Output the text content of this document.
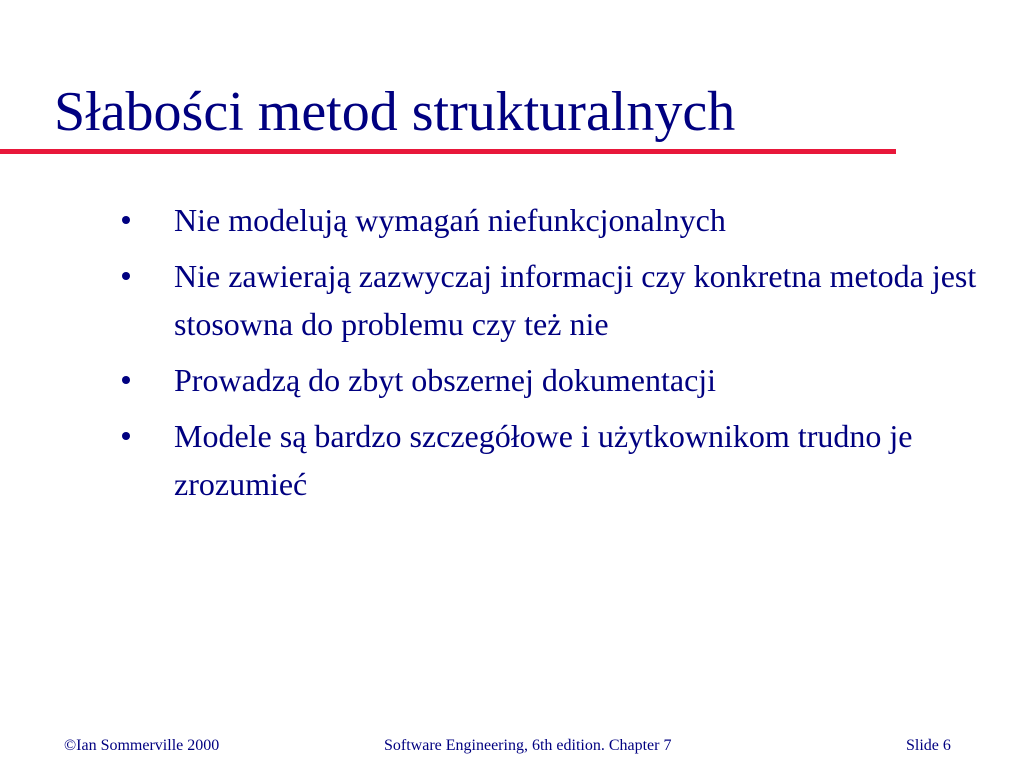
Słabości metod strukturalnych
Nie modelują wymagań niefunkcjonalnych
Nie zawierają zazwyczaj informacji czy konkretna metoda jest stosowna do problemu czy też nie
Prowadzą do zbyt obszernej dokumentacji
Modele są bardzo szczegółowe i użytkownikom trudno je zrozumieć
©Ian Sommerville 2000	Software Engineering, 6th edition. Chapter 7	Slide 6
